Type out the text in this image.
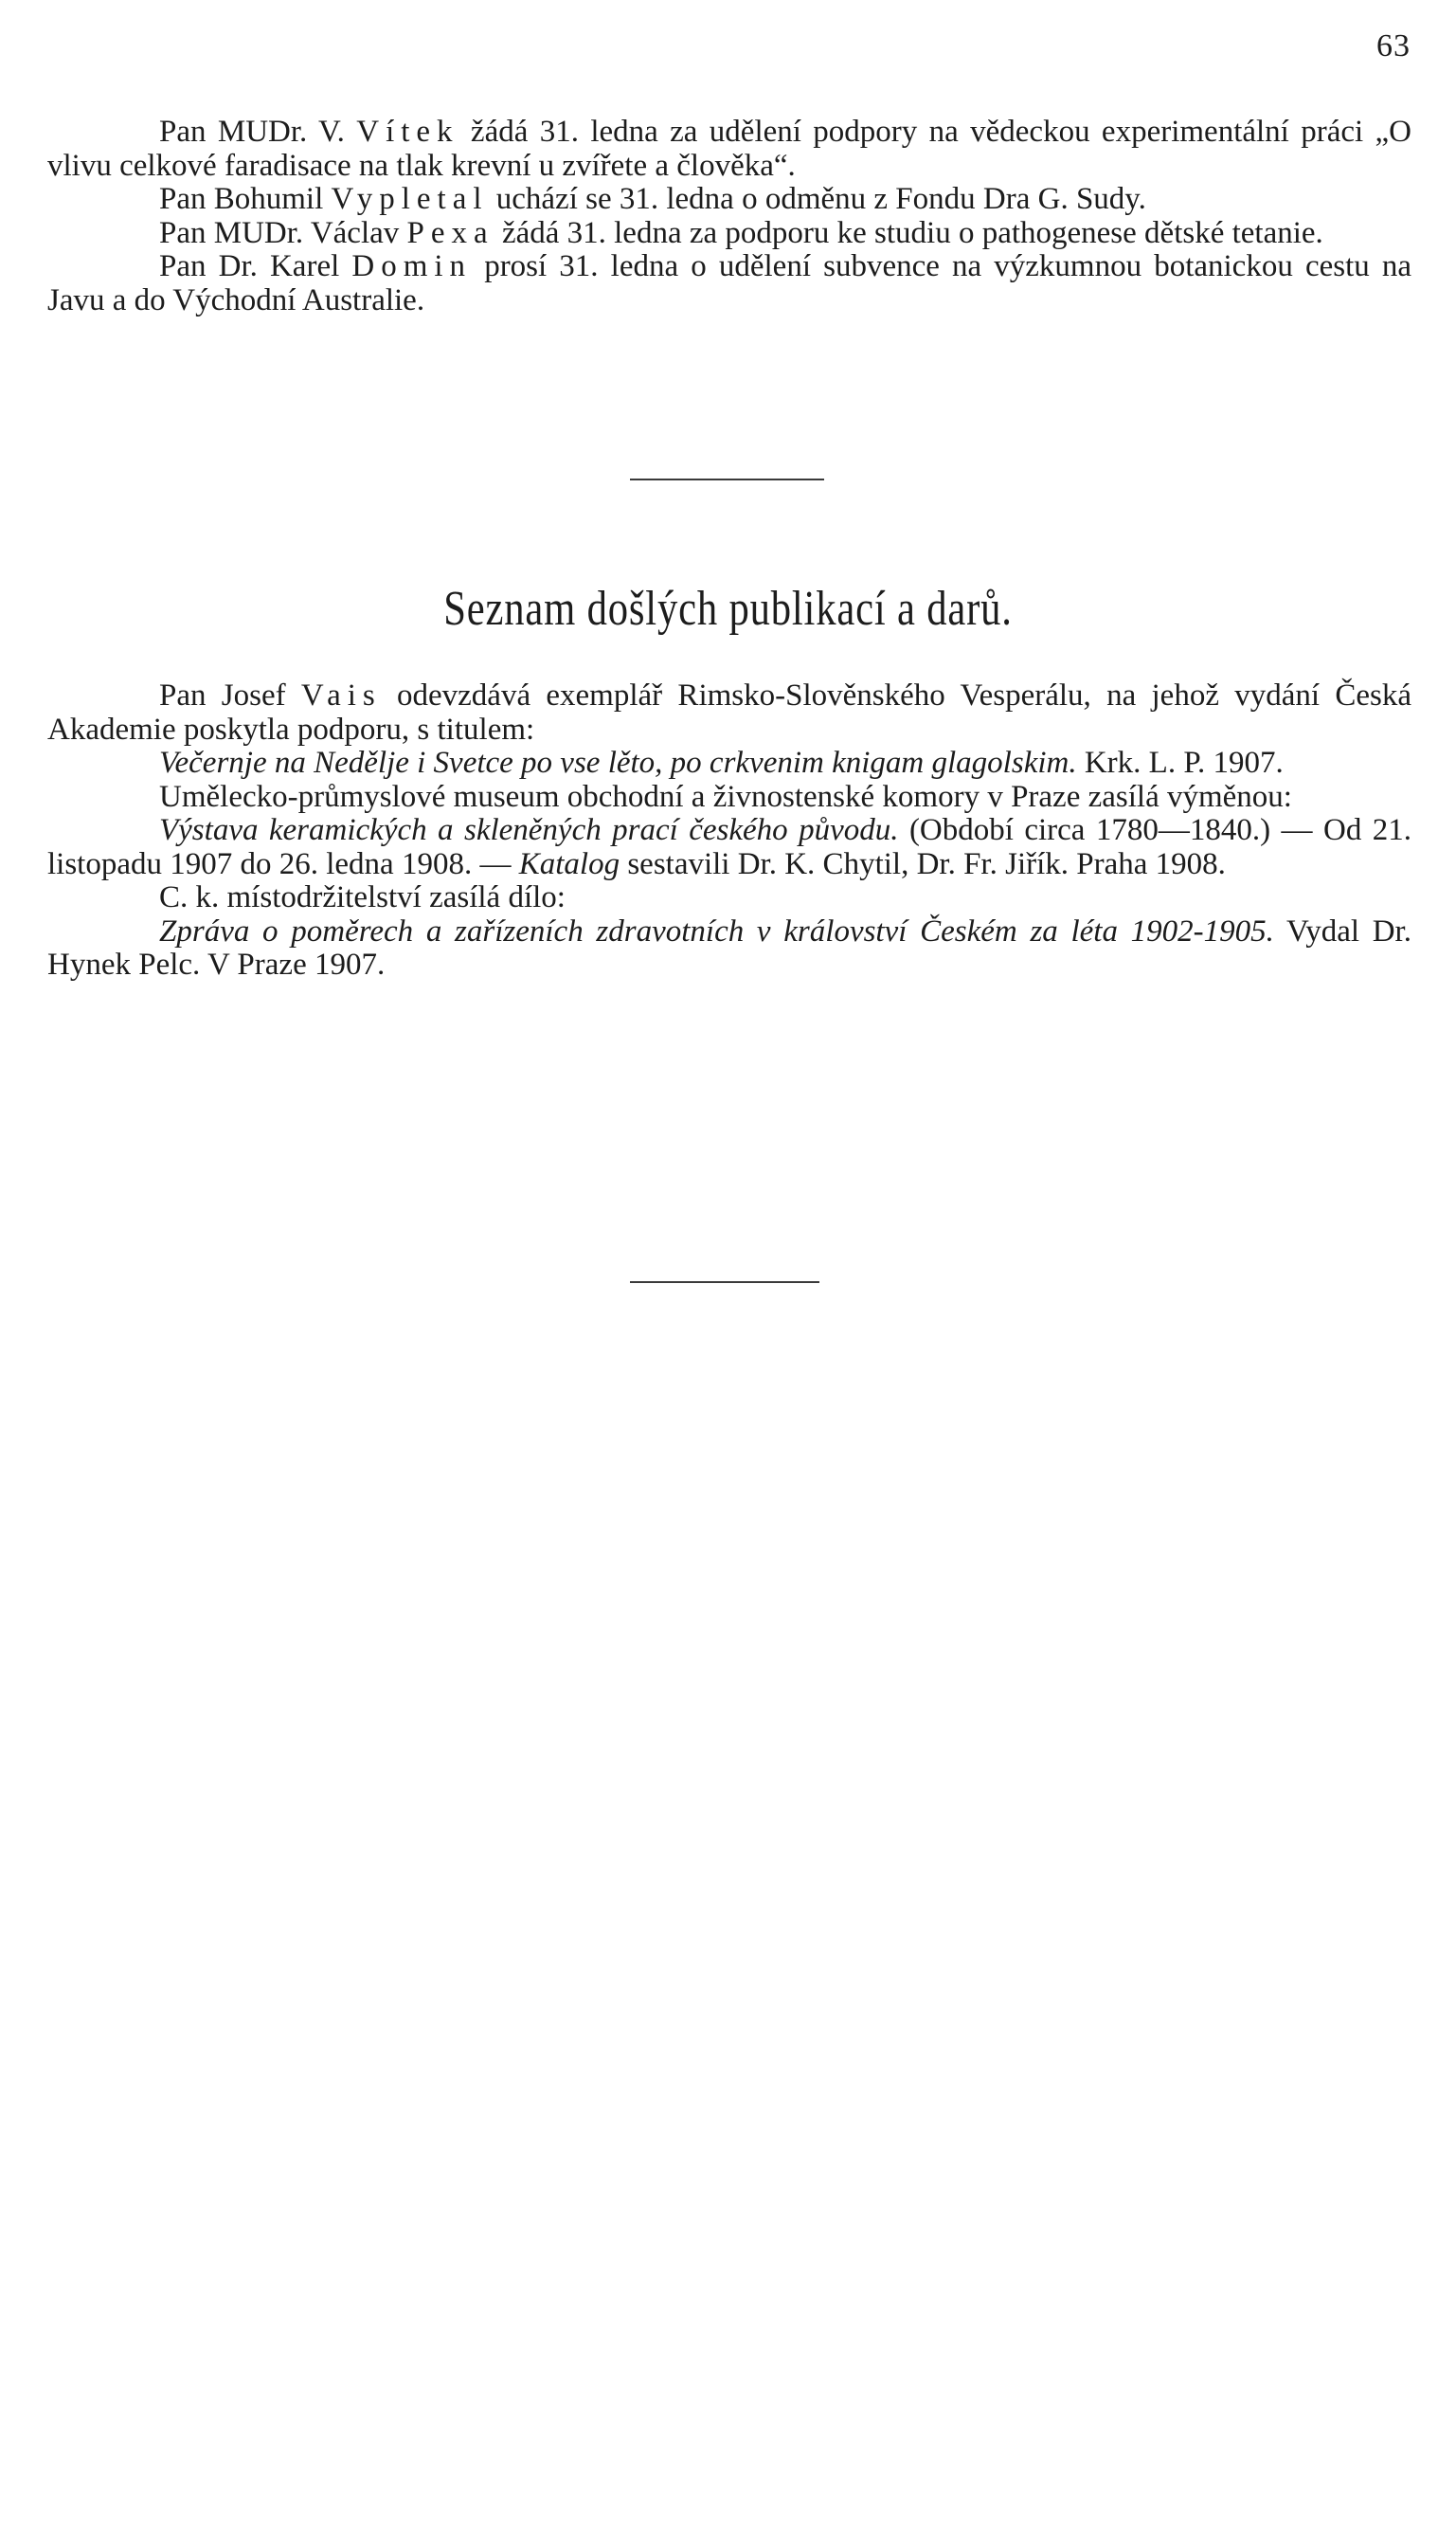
63

Pan MUDr. V. Vítek žádá 31. ledna za udělení podpory na vědeckou experimentální práci „O vlivu celkové faradisace na tlak krevní u zvířete a člověka“.

Pan Bohumil Vypletal uchází se 31. ledna o odměnu z Fondu Dra G. Sudy.

Pan MUDr. Václav Pexa žádá 31. ledna za podporu ke studiu o pathogenese dětské tetanie.

Pan Dr. Karel Domin prosí 31. ledna o udělení subvence na výzkumnou botanickou cestu na Javu a do Východní Australie.

Seznam došlých publikací a darů.

Pan Josef Vais odevzdává exemplář Rimsko-Slověnského Vesperálu, na jehož vydání Česká Akademie poskytla podporu, s titulem:

Večernje na Nedělje i Svetce po vse lěto, po crkvenim knigam glagolskim. Krk. L. P. 1907.

Umělecko-průmyslové museum obchodní a živnostenské komory v Praze zasílá výměnou:

Výstava keramických a skleněných prací českého původu. (Období circa 1780—1840.) — Od 21. listopadu 1907 do 26. ledna 1908. — Katalog sestavili Dr. K. Chytil, Dr. Fr. Jiřík. Praha 1908.

C. k. místodržitelství zasílá dílo:

Zpráva o poměrech a zařízeních zdravotních v království Českém za léta 1902-1905. Vydal Dr. Hynek Pelc. V Praze 1907.
